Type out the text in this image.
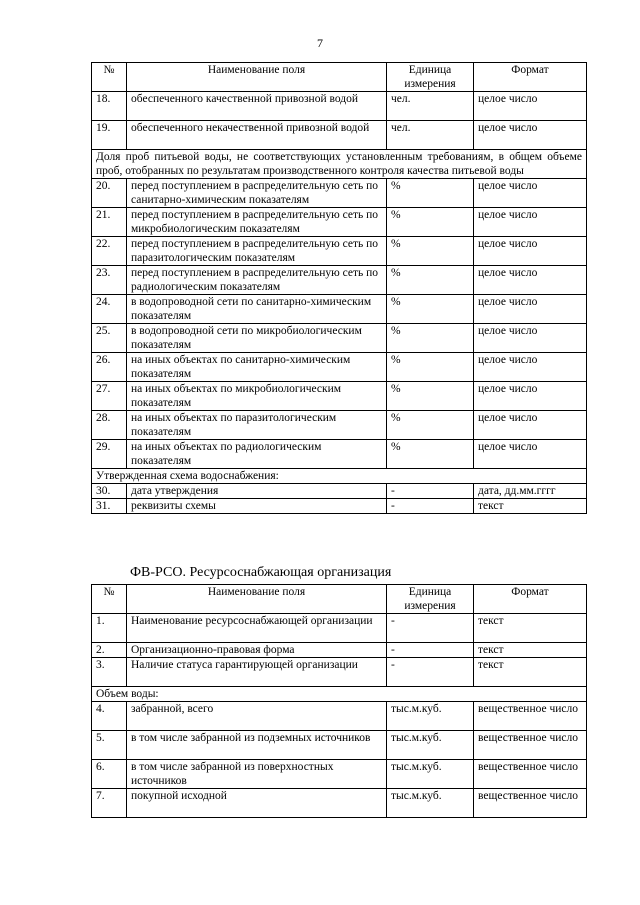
7
№	Наименование поля	Единица измерения	Формат
18.	обеспеченного качественной привозной водой	чел.	целое число
19.	обеспеченного некачественной привозной водой	чел.	целое число
Доля проб питьевой воды, не соответствующих установленным требованиям, в общем объеме проб, отобранных по результатам производственного контроля качества питьевой воды			
20.	перед поступлением в распределительную сеть по санитарно-химическим показателям	%	целое число
21.	перед поступлением в распределительную сеть по микробиологическим показателям	%	целое число
22.	перед поступлением в распределительную сеть по паразитологическим показателям	%	целое число
23.	перед поступлением в распределительную сеть по радиологическим показателям	%	целое число
24.	в водопроводной сети по санитарно-химическим показателям	%	целое число
25.	в водопроводной сети по микробиологическим показателям	%	целое число
26.	на иных объектах по санитарно-химическим показателям	%	целое число
27.	на иных объектах по микробиологическим показателям	%	целое число
28.	на иных объектах по паразитологическим показателям	%	целое число
29.	на иных объектах по радиологическим показателям	%	целое число
Утвержденная схема водоснабжения:			
30.	дата утверждения	-	дата, дд.мм.гггг
31.	реквизиты схемы	-	текст
ФВ-РСО. Ресурсоснабжающая организация
№	Наименование поля	Единица измерения	Формат
1.	Наименование ресурсоснабжающей организации	-	текст
2.	Организационно-правовая форма	-	текст
3.	Наличие статуса гарантирующей организации	-	текст
Объем воды:			
4.	забранной, всего	тыс.м.куб.	вещественное число
5.	в том числе забранной из подземных источников	тыс.м.куб.	вещественное число
6.	в том числе забранной из поверхностных источников	тыс.м.куб.	вещественное число
7.	покупной исходной	тыс.м.куб.	вещественное число
